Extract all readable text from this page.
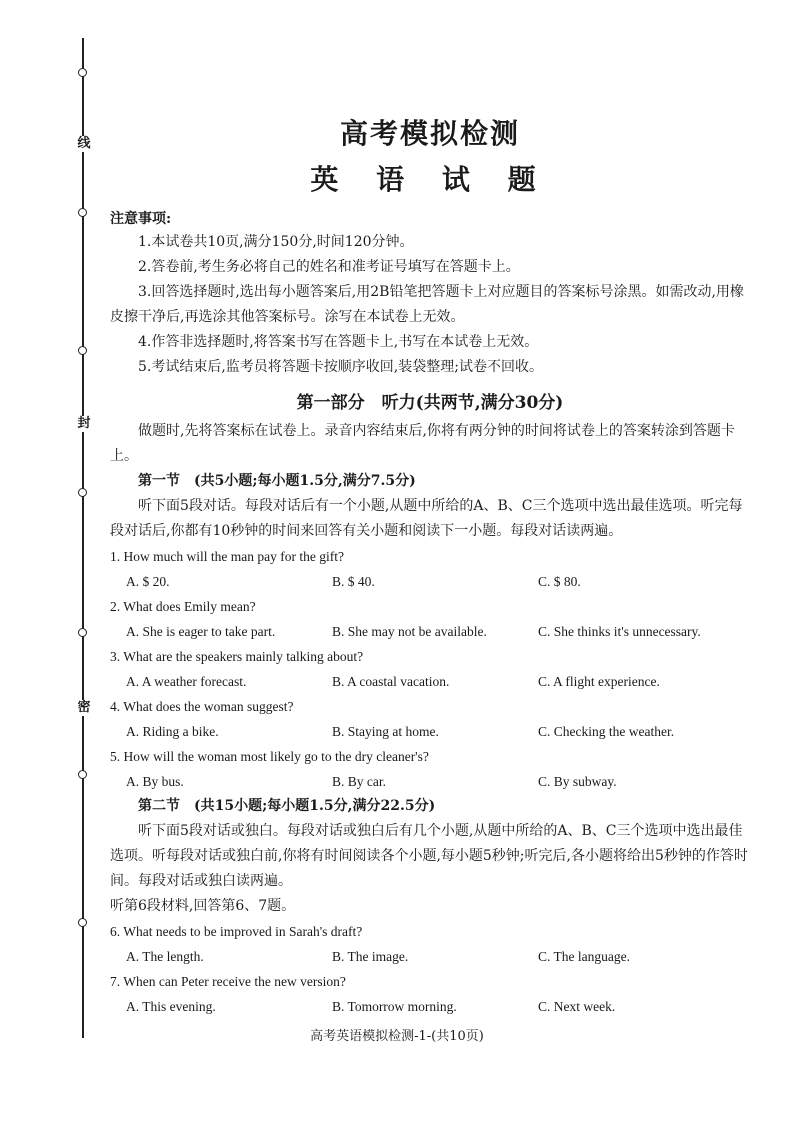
线
封
密
高考模拟检测
英 语 试 题
注意事项:

1.本试卷共10页,满分150分,时间120分钟。

2.答卷前,考生务必将自己的姓名和准考证号填写在答题卡上。

3.回答选择题时,选出每小题答案后,用2B铅笔把答题卡上对应题目的答案标号涂黑。如需改动,用橡皮擦干净后,再选涂其他答案标号。涂写在本试卷上无效。

4.作答非选择题时,将答案书写在答题卡上,书写在本试卷上无效。

5.考试结束后,监考员将答题卡按顺序收回,装袋整理;试卷不回收。

第一部分　听力(共两节,满分30分)

做题时,先将答案标在试卷上。录音内容结束后,你将有两分钟的时间将试卷上的答案转涂到答题卡上。

第一节　(共5小题;每小题1.5分,满分7.5分)

听下面5段对话。每段对话后有一个小题,从题中所给的A、B、C三个选项中选出最佳选项。听完每段对话后,你都有10秒钟的时间来回答有关小题和阅读下一小题。每段对话读两遍。

1. How much will the man pay for the gift?
A. $ 20.	B. $ 40.	C. $ 80.
2. What does Emily mean?
A. She is eager to take part.	B. She may not be available.	C. She thinks it's unnecessary.
3. What are the speakers mainly talking about?
A. A weather forecast.	B. A coastal vacation.	C. A flight experience.
4. What does the woman suggest?
A. Riding a bike.	B. Staying at home.	C. Checking the weather.
5. How will the woman most likely go to the dry cleaner's?
A. By bus.	B. By car.	C. By subway.
第二节　(共15小题;每小题1.5分,满分22.5分)

听下面5段对话或独白。每段对话或独白后有几个小题,从题中所给的A、B、C三个选项中选出最佳选项。听每段对话或独白前,你将有时间阅读各个小题,每小题5秒钟;听完后,各小题将给出5秒钟的作答时间。每段对话或独白读两遍。

听第6段材料,回答第6、7题。

6. What needs to be improved in Sarah's draft?
A. The length.	B. The image.	C. The language.
7. When can Peter receive the new version?
A. This evening.	B. Tomorrow morning.	C. Next week.
高考英语模拟检测-1-(共10页)
